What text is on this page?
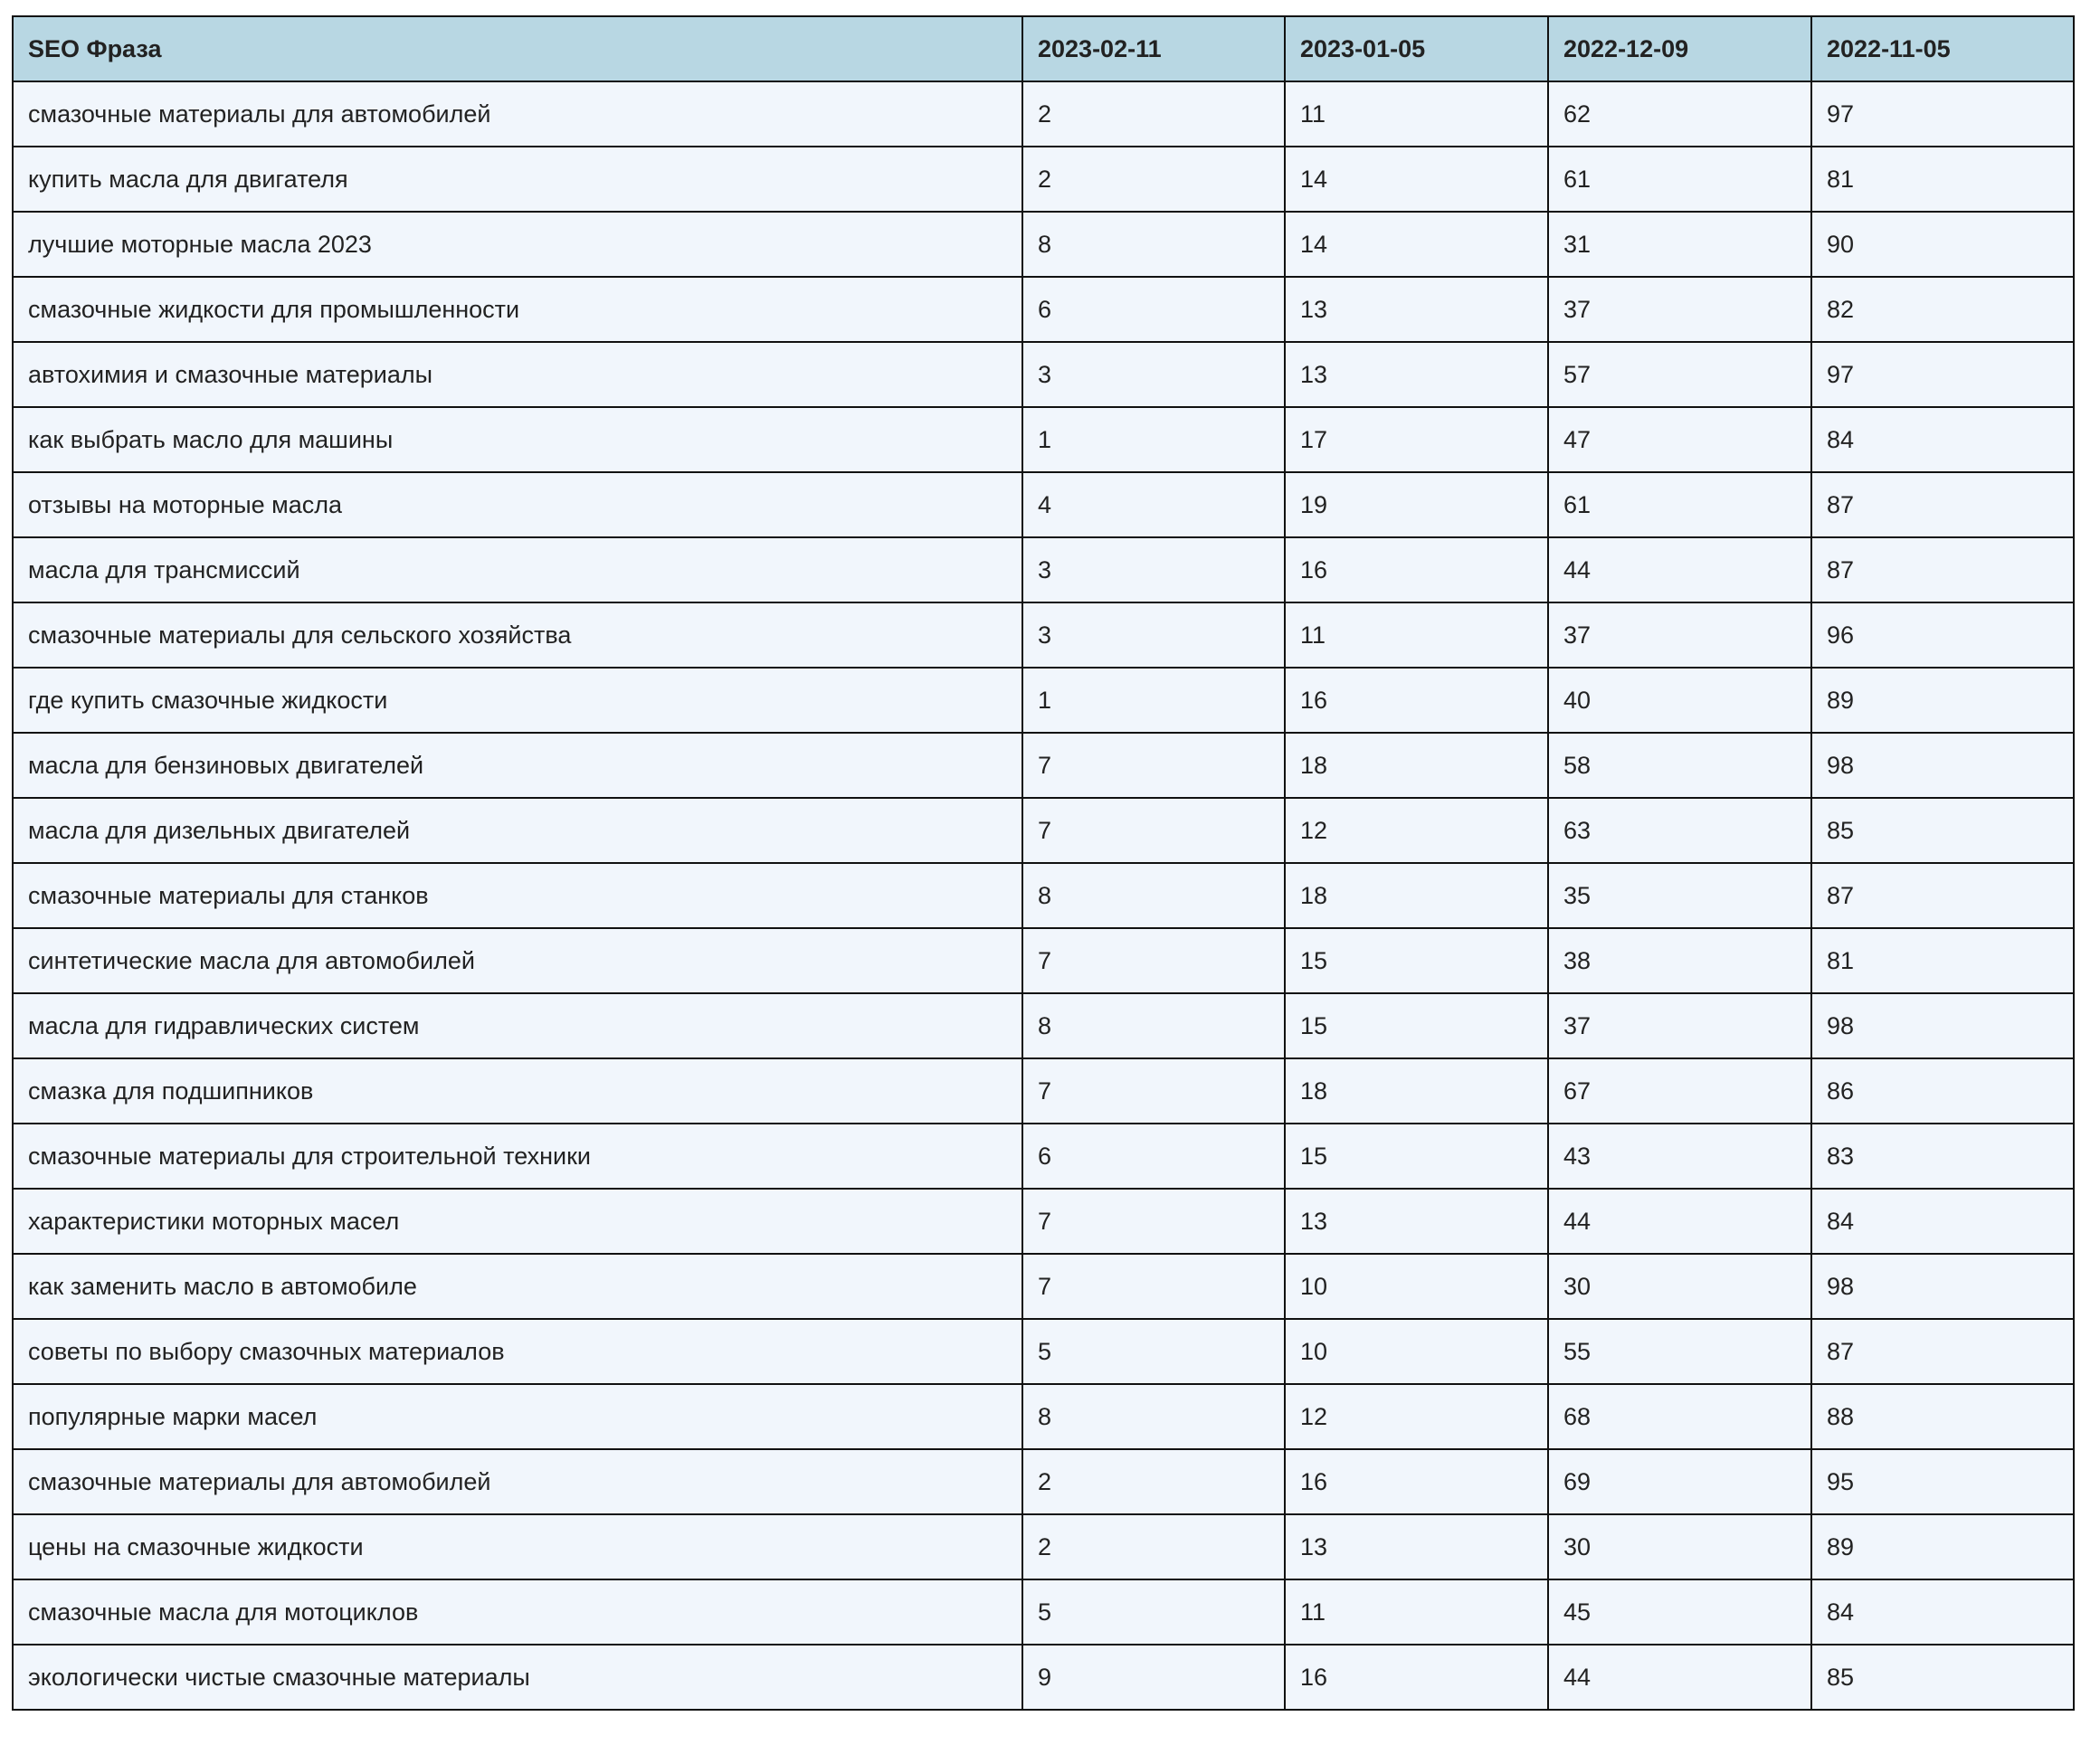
SEO Фраза	2023-02-11	2023-01-05	2022-12-09	2022-11-05
смазочные материалы для автомобилей	2	11	62	97
купить масла для двигателя	2	14	61	81
лучшие моторные масла 2023	8	14	31	90
смазочные жидкости для промышленности	6	13	37	82
автохимия и смазочные материалы	3	13	57	97
как выбрать масло для машины	1	17	47	84
отзывы на моторные масла	4	19	61	87
масла для трансмиссий	3	16	44	87
смазочные материалы для сельского хозяйства	3	11	37	96
где купить смазочные жидкости	1	16	40	89
масла для бензиновых двигателей	7	18	58	98
масла для дизельных двигателей	7	12	63	85
смазочные материалы для станков	8	18	35	87
синтетические масла для автомобилей	7	15	38	81
масла для гидравлических систем	8	15	37	98
смазка для подшипников	7	18	67	86
смазочные материалы для строительной техники	6	15	43	83
характеристики моторных масел	7	13	44	84
как заменить масло в автомобиле	7	10	30	98
советы по выбору смазочных материалов	5	10	55	87
популярные марки масел	8	12	68	88
смазочные материалы для автомобилей	2	16	69	95
цены на смазочные жидкости	2	13	30	89
смазочные масла для мотоциклов	5	11	45	84
экологически чистые смазочные материалы	9	16	44	85
